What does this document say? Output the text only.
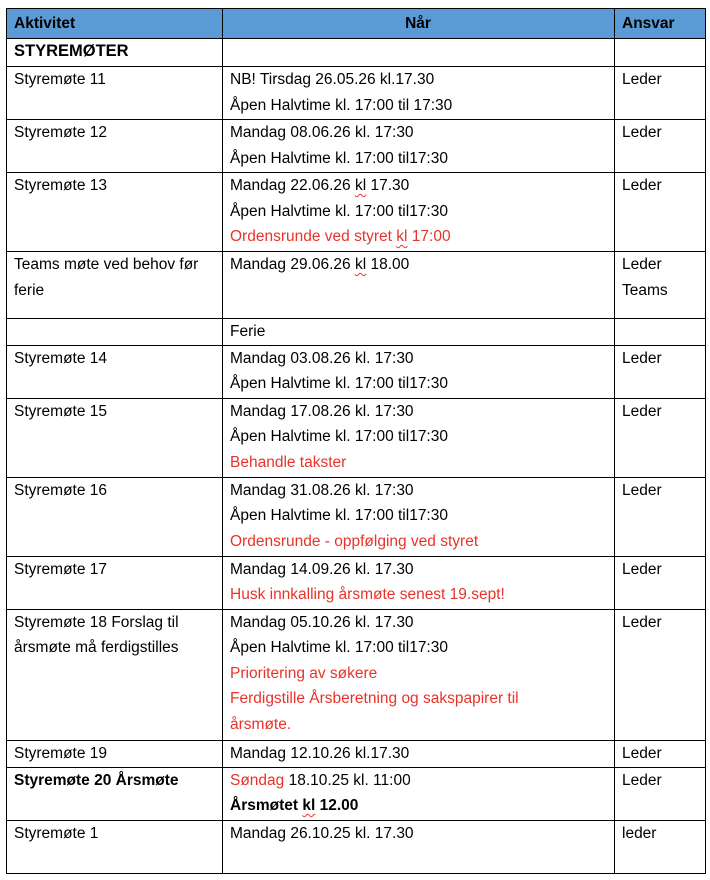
Aktivitet	Når	Ansvar

STYREMØTER		

Styremøte 11	NB! Tirsdag 26.05.26 kl.17.30
Åpen Halvtime kl. 17:00 til 17:30	Leder

Styremøte 12	Mandag 08.06.26 kl. 17:30
Åpen Halvtime kl. 17:00 til17:30	Leder

Styremøte 13	Mandag 22.06.26 kl 17.30
Åpen Halvtime kl. 17:00 til17:30
Ordensrunde ved styret kl 17:00	Leder

Teams møte ved behov før
ferie	Mandag 29.06.26 kl 18.00	Leder
Teams

	Ferie	

Styremøte 14	Mandag 03.08.26 kl. 17:30
Åpen Halvtime kl. 17:00 til17:30	Leder

Styremøte 15	Mandag 17.08.26 kl. 17:30
Åpen Halvtime kl. 17:00 til17:30
Behandle takster	Leder

Styremøte 16	Mandag 31.08.26 kl. 17:30
Åpen Halvtime kl. 17:00 til17:30
Ordensrunde - oppfølging ved styret	Leder

Styremøte 17	Mandag 14.09.26 kl. 17.30
Husk innkalling årsmøte senest 19.sept!	Leder

Styremøte 18 Forslag til
årsmøte må ferdigstilles	Mandag 05.10.26 kl. 17.30
Åpen Halvtime kl. 17:00 til17:30
Prioritering av søkere
Ferdigstille Årsberetning og sakspapirer til
årsmøte.	Leder

Styremøte 19	Mandag 12.10.26 kl.17.30	Leder

Styremøte 20 Årsmøte	Søndag 18.10.25 kl. 11:00
Årsmøtet kl 12.00	Leder

Styremøte 1	Mandag 26.10.25 kl. 17.30	leder
